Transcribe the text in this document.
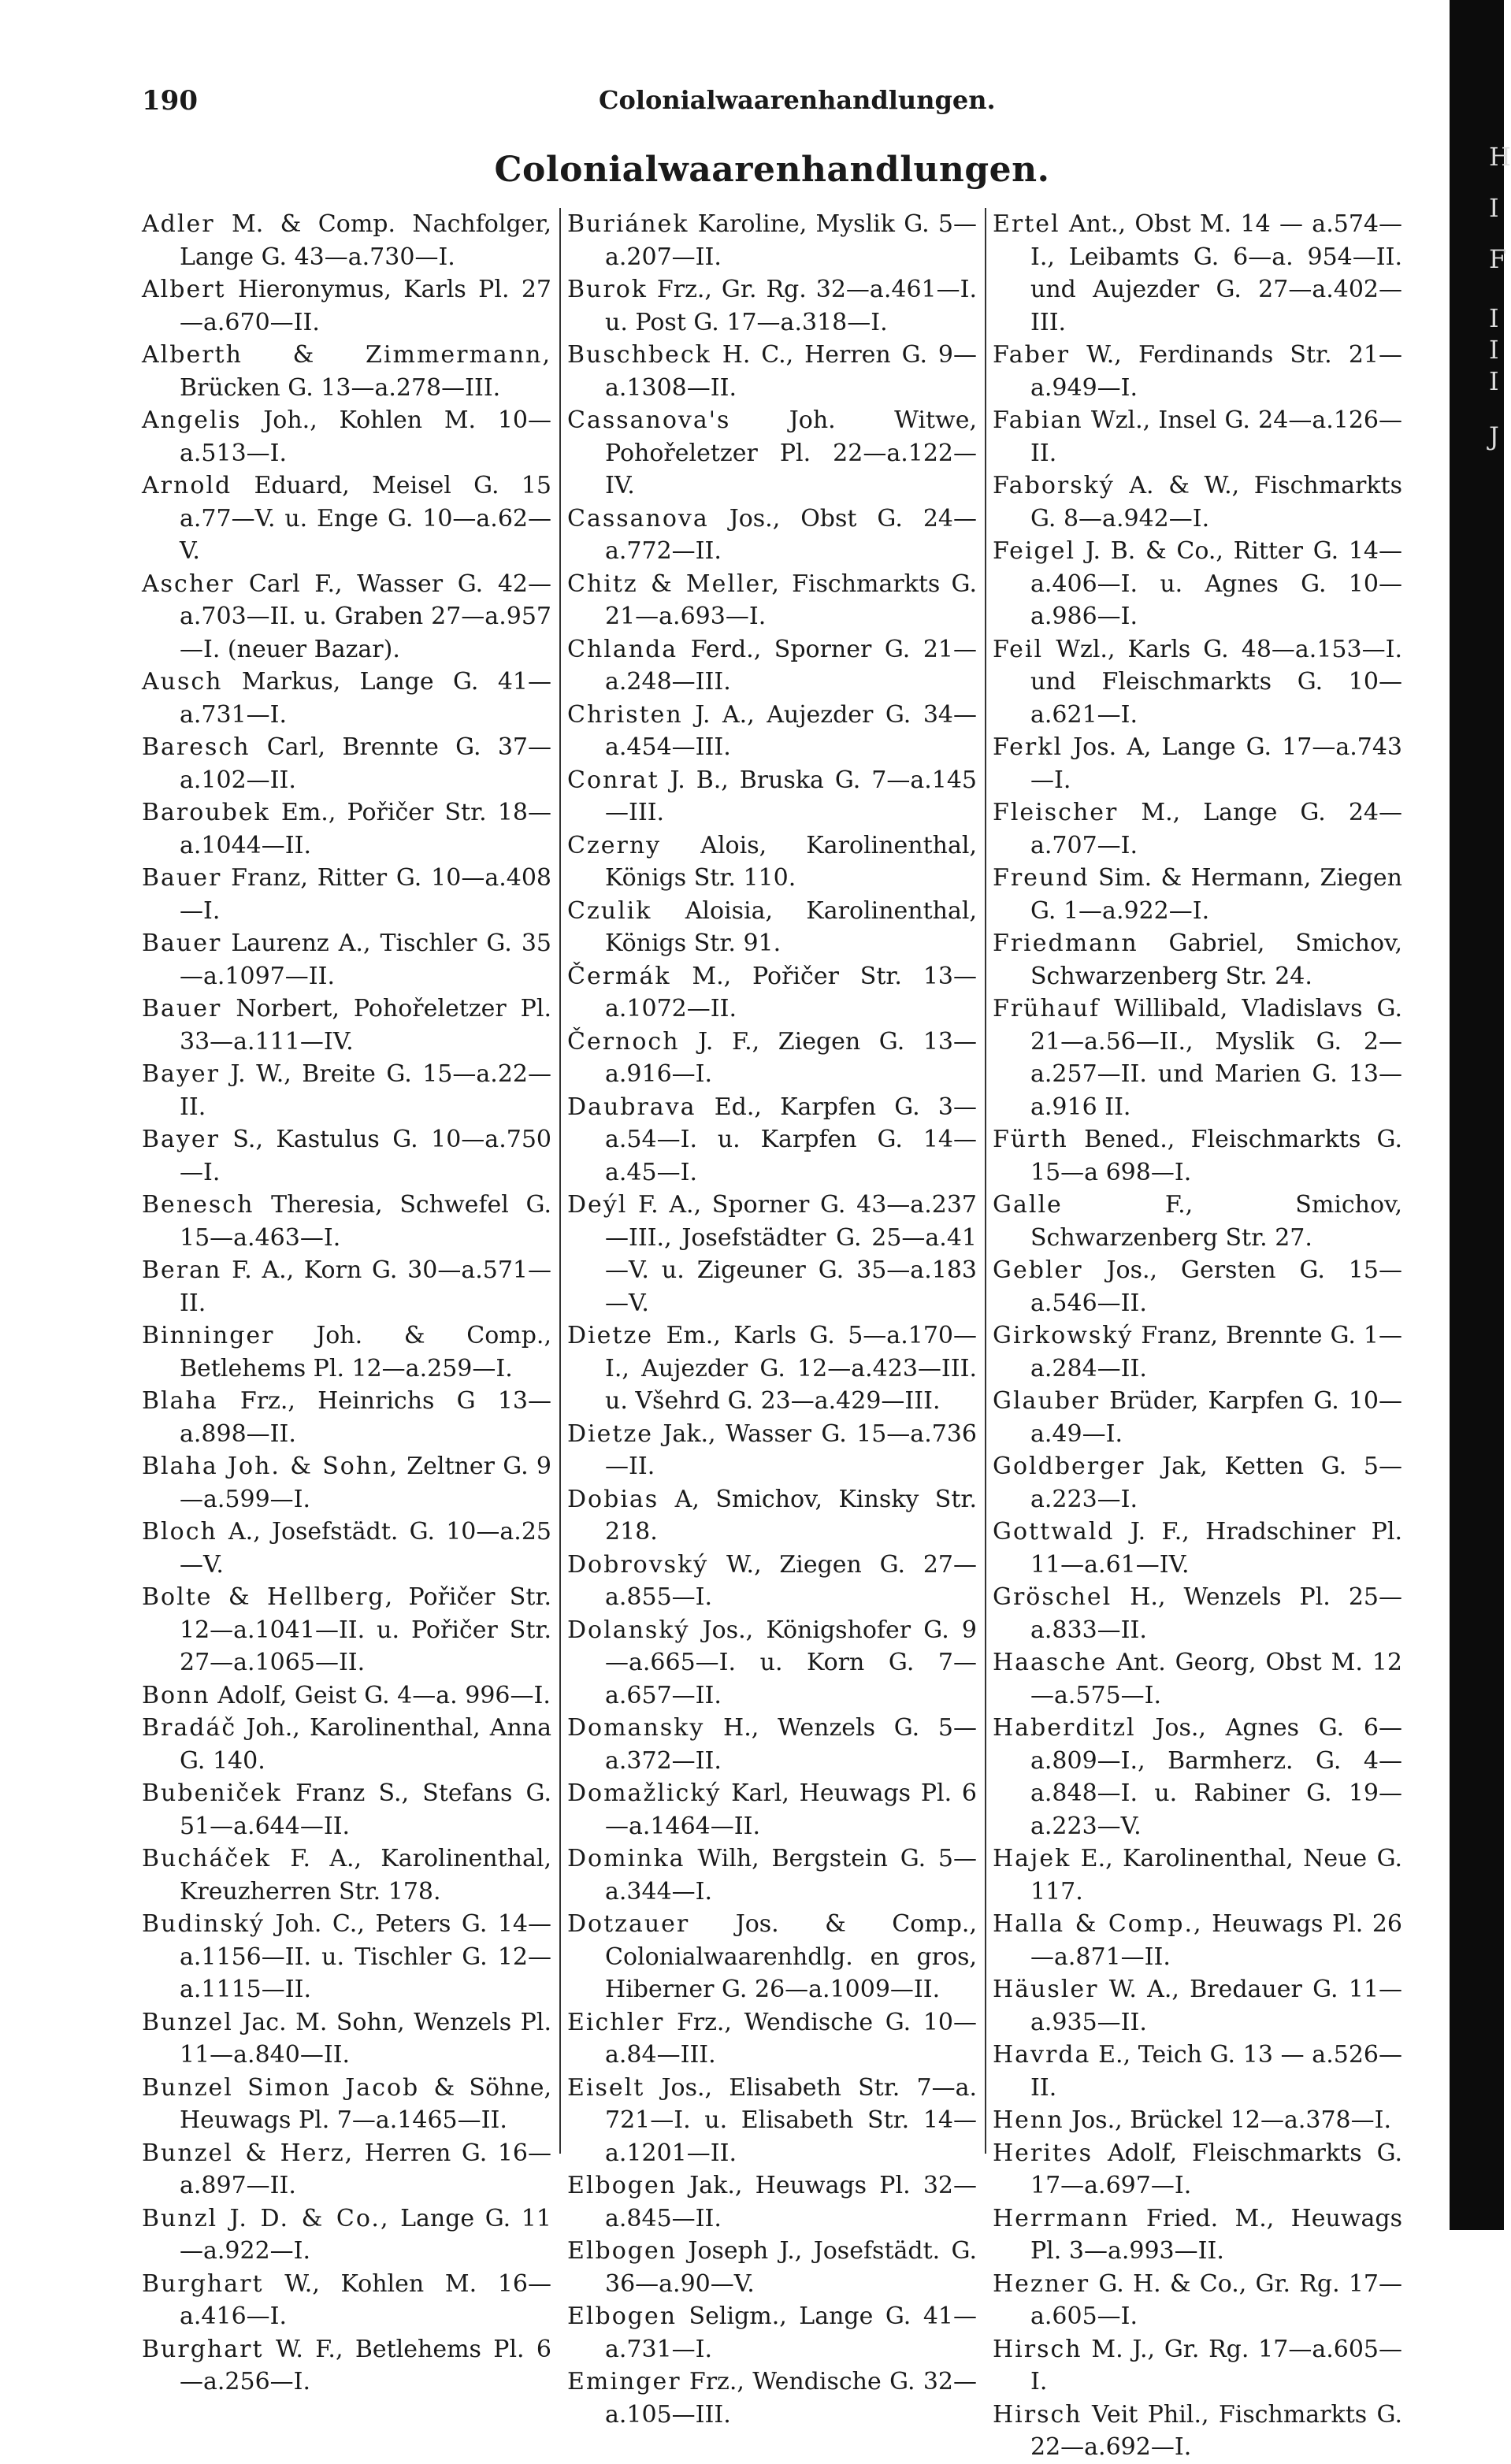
H
I
F
I
I
I
J
190	Colonialwaarenhandlungen.
Colonialwaarenhandlungen.

Adler M. & Comp. Nachfolger, Lange G. 43—a.730—I.

Albert Hieronymus, Karls Pl. 27—a.670—II.

Alberth & Zimmermann, Brücken G. 13—a.278—III.

Angelis Joh., Kohlen M. 10—a.513—I.

Arnold Eduard, Meisel G. 15 a.77—V. u. Enge G. 10—a.62—V.

Ascher Carl F., Wasser G. 42—a.703—II. u. Graben 27—a.957—I. (neuer Bazar).

Ausch Markus, Lange G. 41—a.731—I.

Baresch Carl, Brennte G. 37—a.102—II.

Baroubek Em., Pořičer Str. 18—a.1044—II.

Bauer Franz, Ritter G. 10—a.408—I.

Bauer Laurenz A., Tischler G. 35—a.1097—II.

Bauer Norbert, Pohořeletzer Pl. 33—a.111—IV.

Bayer J. W., Breite G. 15—a.22—II.

Bayer S., Kastulus G. 10—a.750—I.

Benesch Theresia, Schwefel G. 15—a.463—I.

Beran F. A., Korn G. 30—a.571—II.

Binninger Joh. & Comp., Betlehems Pl. 12—a.259—I.

Blaha Frz., Heinrichs G 13—a.898—II.

Blaha Joh. & Sohn, Zeltner G. 9—a.599—I.

Bloch A., Josefstädt. G. 10—a.25—V.

Bolte & Hellberg, Pořičer Str. 12—a.1041—II. u. Pořičer Str. 27—a.1065—II.

Bonn Adolf, Geist G. 4—a. 996—I.

Bradáč Joh., Karolinenthal, Anna G. 140.

Bubeniček Franz S., Stefans G. 51—a.644—II.

Bucháček F. A., Karolinenthal, Kreuzherren Str. 178.

Budinský Joh. C., Peters G. 14—a.1156—II. u. Tischler G. 12—a.1115—II.

Bunzel Jac. M. Sohn, Wenzels Pl. 11—a.840—II.

Bunzel Simon Jacob & Söhne, Heuwags Pl. 7—a.1465—II.

Bunzel & Herz, Herren G. 16—a.897—II.

Bunzl J. D. & Co., Lange G. 11—a.922—I.

Burghart W., Kohlen M. 16—a.416—I.

Burghart W. F., Betlehems Pl. 6—a.256—I.

Buriánek Karoline, Myslik G. 5—a.207—II.

Burok Frz., Gr. Rg. 32—a.461—I. u. Post G. 17—a.318—I.

Buschbeck H. C., Herren G. 9—a.1308—II.

Cassanova's Joh. Witwe, Pohořeletzer Pl. 22—a.122—IV.

Cassanova Jos., Obst G. 24—a.772—II.

Chitz & Meller, Fischmarkts G. 21—a.693—I.

Chlanda Ferd., Sporner G. 21—a.248—III.

Christen J. A., Aujezder G. 34—a.454—III.

Conrat J. B., Bruska G. 7—a.145—III.

Czerny Alois, Karolinenthal, Königs Str. 110.

Czulik Aloisia, Karolinenthal, Königs Str. 91.

Čermák M., Pořičer Str. 13—a.1072—II.

Černoch J. F., Ziegen G. 13—a.916—I.

Daubrava Ed., Karpfen G. 3—a.54—I. u. Karpfen G. 14—a.45—I.

Deýl F. A., Sporner G. 43—a.237—III., Josefstädter G. 25—a.41—V. u. Zigeuner G. 35—a.183—V.

Dietze Em., Karls G. 5—a.170—I., Aujezder G. 12—a.423—III. u. Všehrd G. 23—a.429—III.

Dietze Jak., Wasser G. 15—a.736—II.

Dobias A, Smichov, Kinsky Str. 218.

Dobrovský W., Ziegen G. 27—a.855—I.

Dolanský Jos., Königshofer G. 9—a.665—I. u. Korn G. 7—a.657—II.

Domansky H., Wenzels G. 5—a.372—II.

Domažlický Karl, Heuwags Pl. 6—a.1464—II.

Dominka Wilh, Bergstein G. 5—a.344—I.

Dotzauer Jos. & Comp., Colonialwaarenhdlg. en gros, Hiberner G. 26—a.1009—II.

Eichler Frz., Wendische G. 10—a.84—III.

Eiselt Jos., Elisabeth Str. 7—a. 721—I. u. Elisabeth Str. 14—a.1201—II.

Elbogen Jak., Heuwags Pl. 32—a.845—II.

Elbogen Joseph J., Josefstädt. G. 36—a.90—V.

Elbogen Seligm., Lange G. 41—a.731—I.

Eminger Frz., Wendische G. 32—a.105—III.

Ertel Ant., Obst M. 14 — a.574—I., Leibamts G. 6—a. 954—II. und Aujezder G. 27—a.402—III.

Faber W., Ferdinands Str. 21—a.949—I.

Fabian Wzl., Insel G. 24—a.126—II.

Faborský A. & W., Fischmarkts G. 8—a.942—I.

Feigel J. B. & Co., Ritter G. 14—a.406—I. u. Agnes G. 10—a.986—I.

Feil Wzl., Karls G. 48—a.153—I. und Fleischmarkts G. 10—a.621—I.

Ferkl Jos. A, Lange G. 17—a.743—I.

Fleischer M., Lange G. 24—a.707—I.

Freund Sim. & Hermann, Ziegen G. 1—a.922—I.

Friedmann Gabriel, Smichov, Schwarzenberg Str. 24.

Frühauf Willibald, Vladislavs G. 21—a.56—II., Myslik G. 2—a.257—II. und Marien G. 13—a.916 II.

Fürth Bened., Fleischmarkts G. 15—a 698—I.

Galle F., Smichov, Schwarzenberg Str. 27.

Gebler Jos., Gersten G. 15—a.546—II.

Girkowský Franz, Brennte G. 1—a.284—II.

Glauber Brüder, Karpfen G. 10—a.49—I.

Goldberger Jak, Ketten G. 5—a.223—I.

Gottwald J. F., Hradschiner Pl. 11—a.61—IV.

Gröschel H., Wenzels Pl. 25—a.833—II.

Haasche Ant. Georg, Obst M. 12—a.575—I.

Haberditzl Jos., Agnes G. 6—a.809—I., Barmherz. G. 4—a.848—I. u. Rabiner G. 19—a.223—V.

Hajek E., Karolinenthal, Neue G. 117.

Halla & Comp., Heuwags Pl. 26—a.871—II.

Häusler W. A., Bredauer G. 11—a.935—II.

Havrda E., Teich G. 13 — a.526—II.

Henn Jos., Brückel 12—a.378—I.

Herites Adolf, Fleischmarkts G. 17—a.697—I.

Herrmann Fried. M., Heuwags Pl. 3—a.993—II.

Hezner G. H. & Co., Gr. Rg. 17—a.605—I.

Hirsch M. J., Gr. Rg. 17—a.605—I.

Hirsch Veit Phil., Fischmarkts G. 22—a.692—I.
